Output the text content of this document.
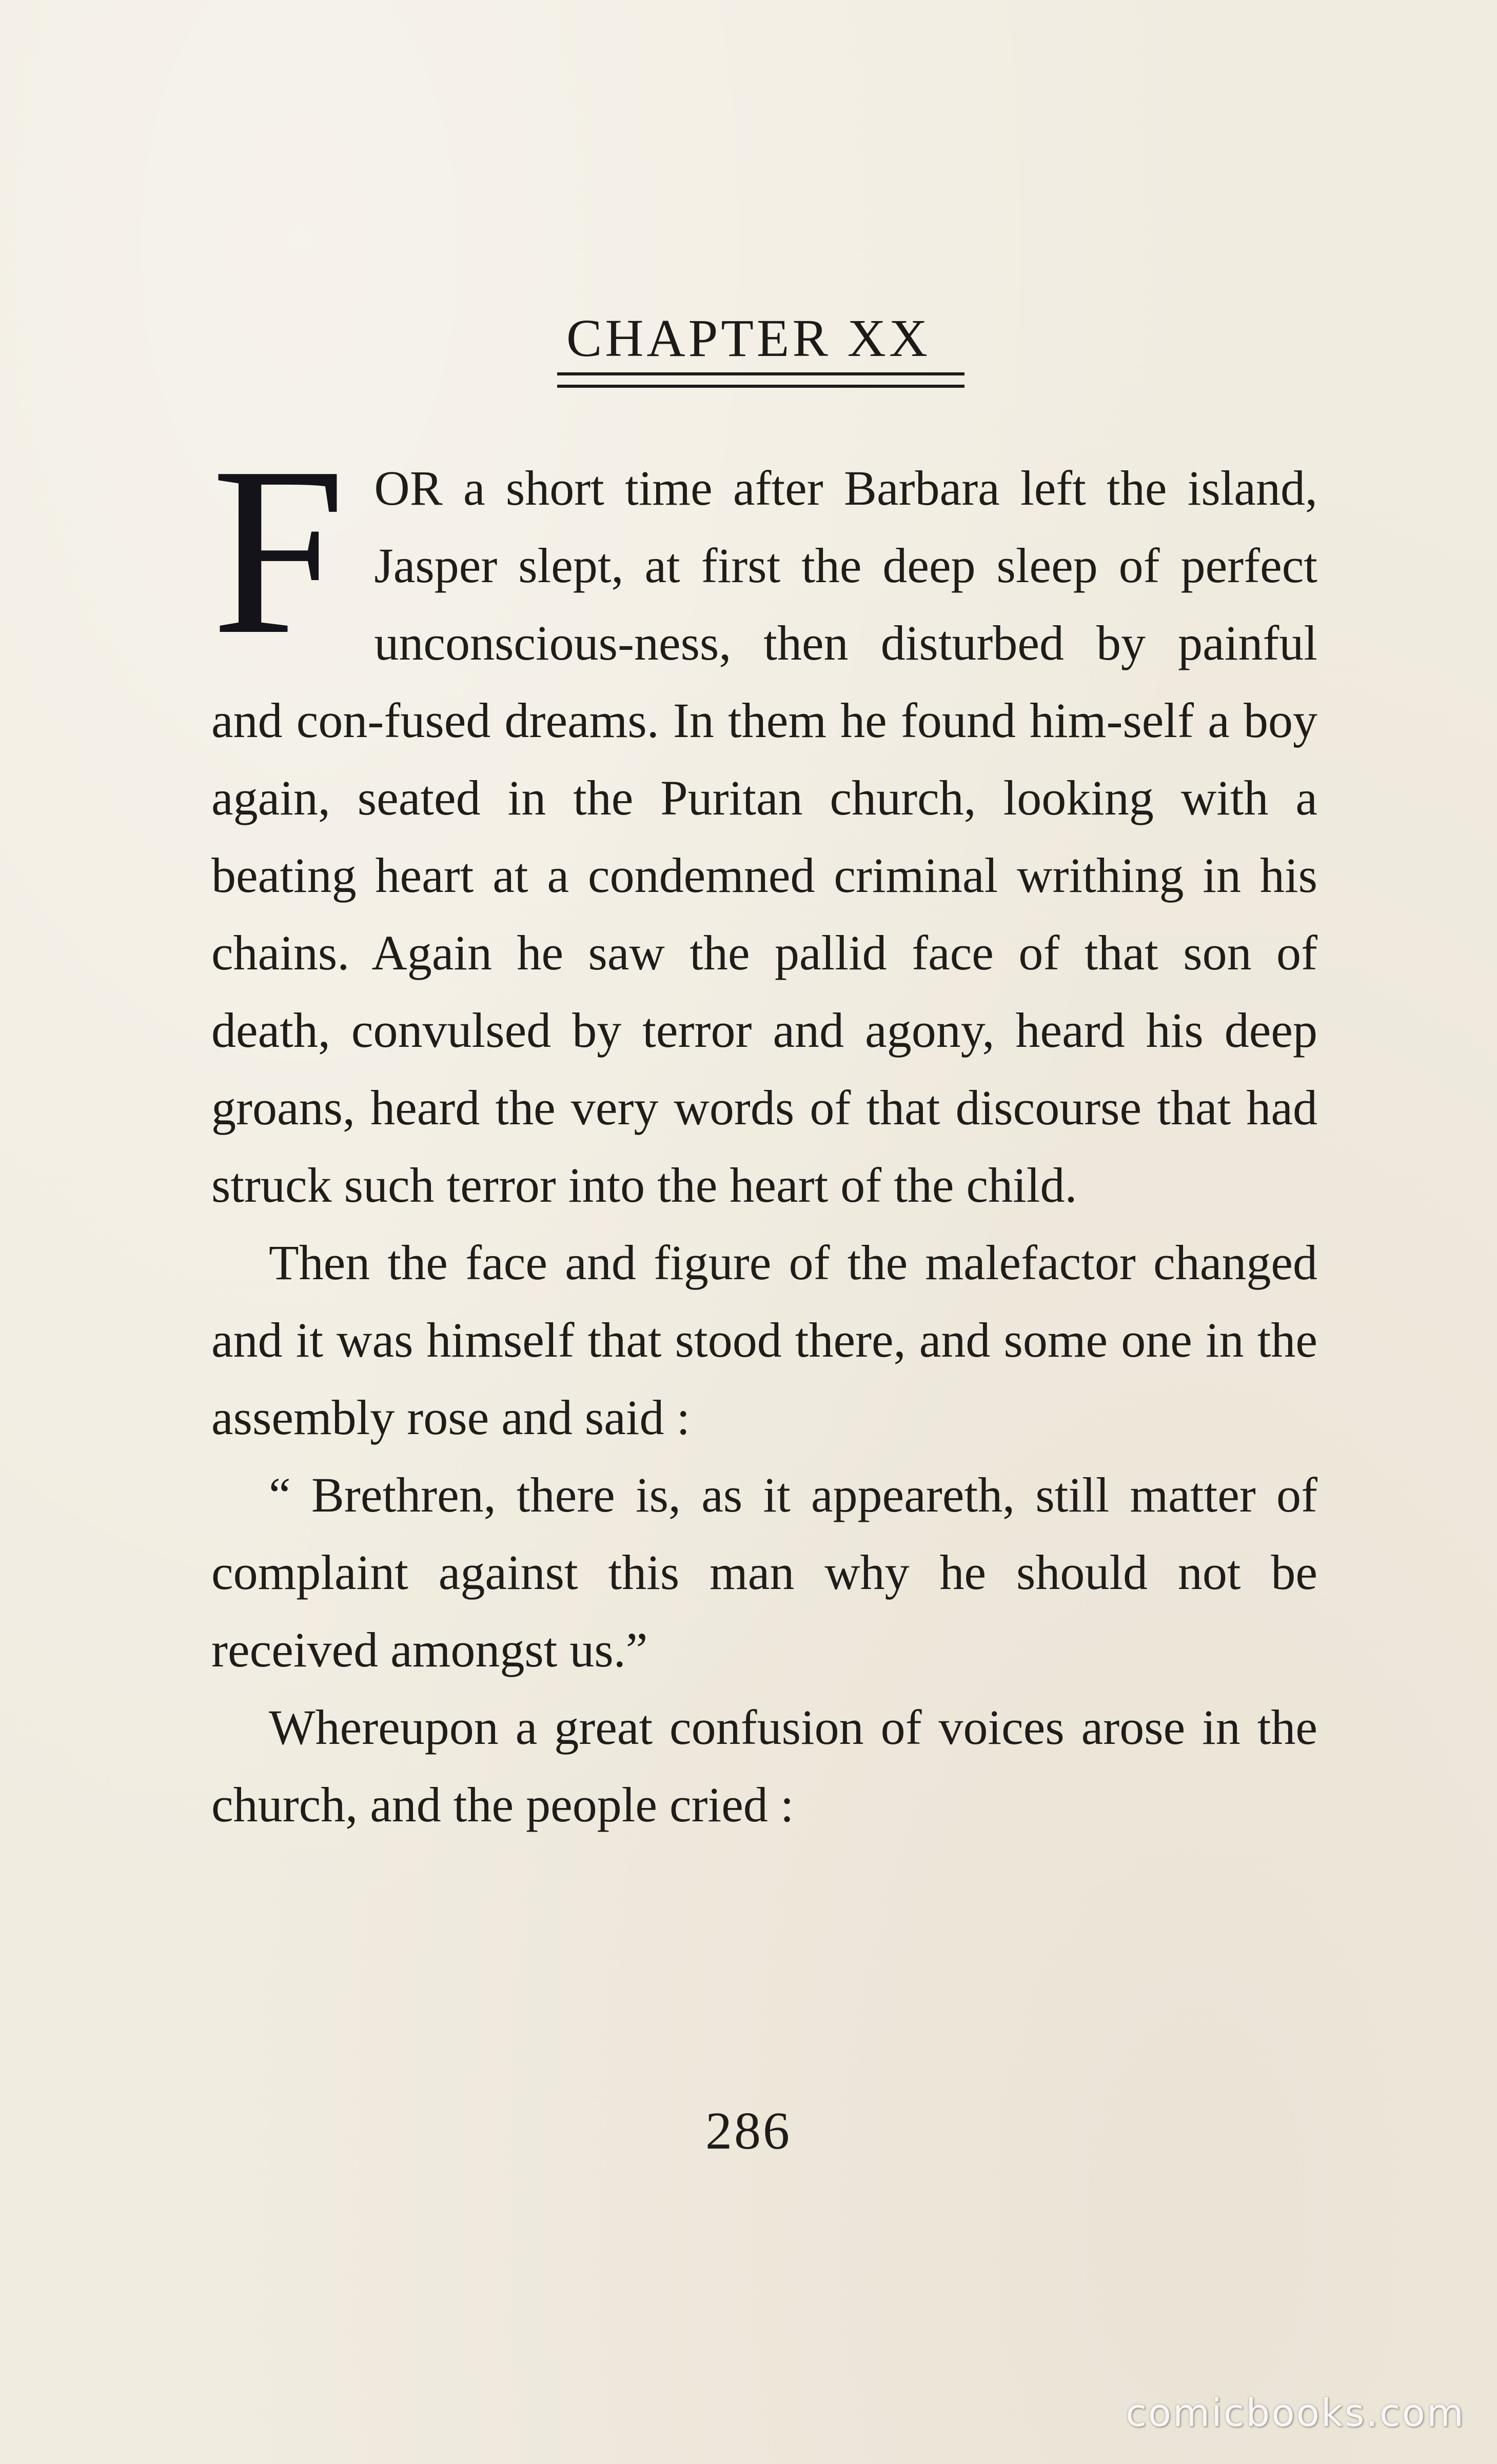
CHAPTER XX

FOR a short time after Barbara left the island, Jasper slept, at first the deep sleep of perfect unconscious-ness, then disturbed by painful and con-fused dreams. In them he found him-self a boy again, seated in the Puritan church, looking with a beating heart at a condemned criminal writhing in his chains. Again he saw the pallid face of that son of death, convulsed by terror and agony, heard his deep groans, heard the very words of that discourse that had struck such terror into the heart of the child.

Then the face and figure of the malefactor changed and it was himself that stood there, and some one in the assembly rose and said :

“ Brethren, there is, as it appeareth, still matter of complaint against this man why he should not be received amongst us.”

Whereupon a great confusion of voices arose in the church, and the people cried :

286
comicbooks.com
